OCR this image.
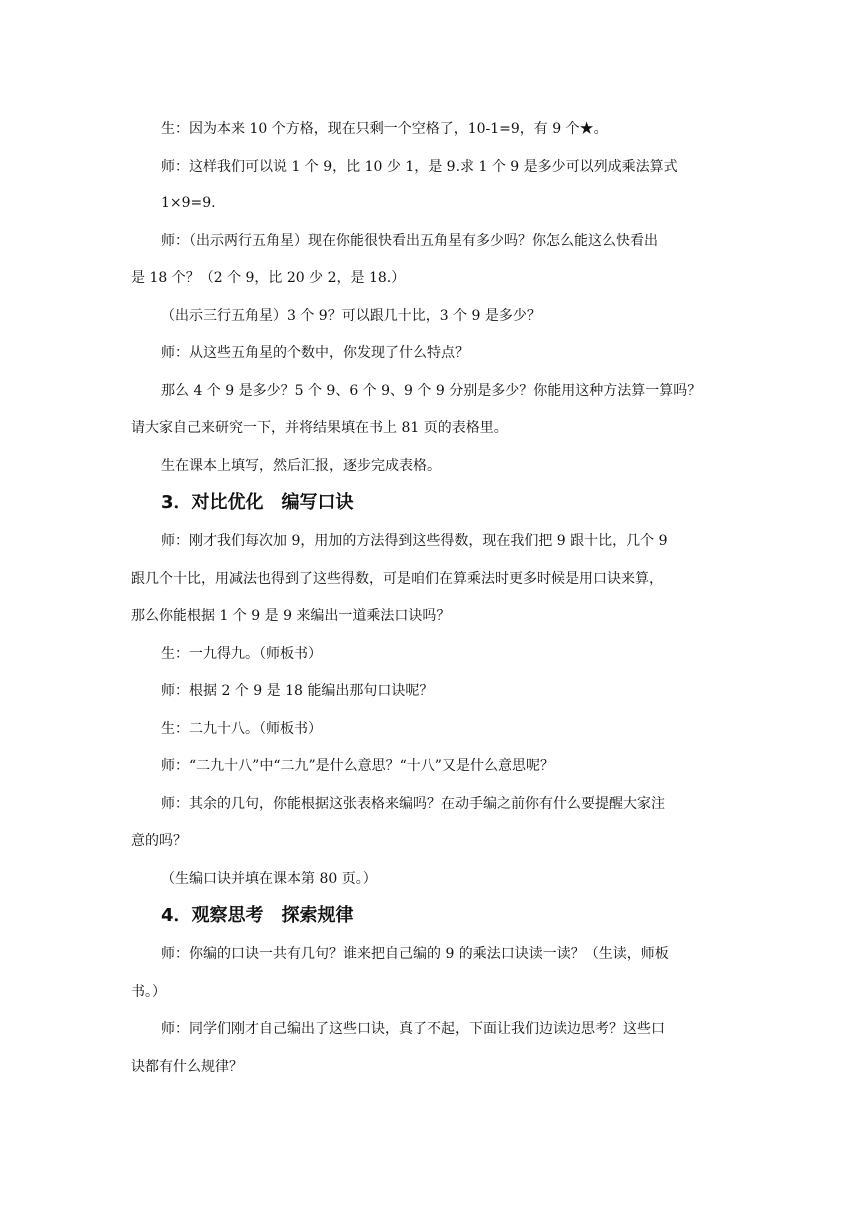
生：因为本来 10 个方格，现在只剩一个空格了，10-1=9，有 9 个★。
师：这样我们可以说 1 个 9，比 10 少 1，是 9.求 1 个 9 是多少可以列成乘法算式
1×9=9.
师：（出示两行五角星）现在你能很快看出五角星有多少吗？你怎么能这么快看出
是 18 个？（2 个 9，比 20 少 2，是 18.）
（出示三行五角星）3 个 9？可以跟几十比，3 个 9 是多少？
师：从这些五角星的个数中，你发现了什么特点？
那么 4 个 9 是多少？5 个 9、6 个 9、9 个 9 分别是多少？你能用这种方法算一算吗？
请大家自己来研究一下，并将结果填在书上 81 页的表格里。
生在课本上填写，然后汇报，逐步完成表格。
3．对比优化　编写口诀
师：刚才我们每次加 9，用加的方法得到这些得数，现在我们把 9 跟十比，几个 9
跟几个十比，用减法也得到了这些得数，可是咱们在算乘法时更多时候是用口诀来算，
那么你能根据 1 个 9 是 9 来编出一道乘法口诀吗？
生：一九得九。（师板书）
师：根据 2 个 9 是 18 能编出那句口诀呢？
生：二九十八。（师板书）
师：“二九十八”中“二九”是什么意思？“十八”又是什么意思呢？
师：其余的几句，你能根据这张表格来编吗？在动手编之前你有什么要提醒大家注
意的吗？
（生编口诀并填在课本第 80 页。）
4．观察思考　探索规律
师：你编的口诀一共有几句？谁来把自己编的 9 的乘法口诀读一读？（生读，师板
书。）
师：同学们刚才自己编出了这些口诀，真了不起，下面让我们边读边思考？这些口
诀都有什么规律？
